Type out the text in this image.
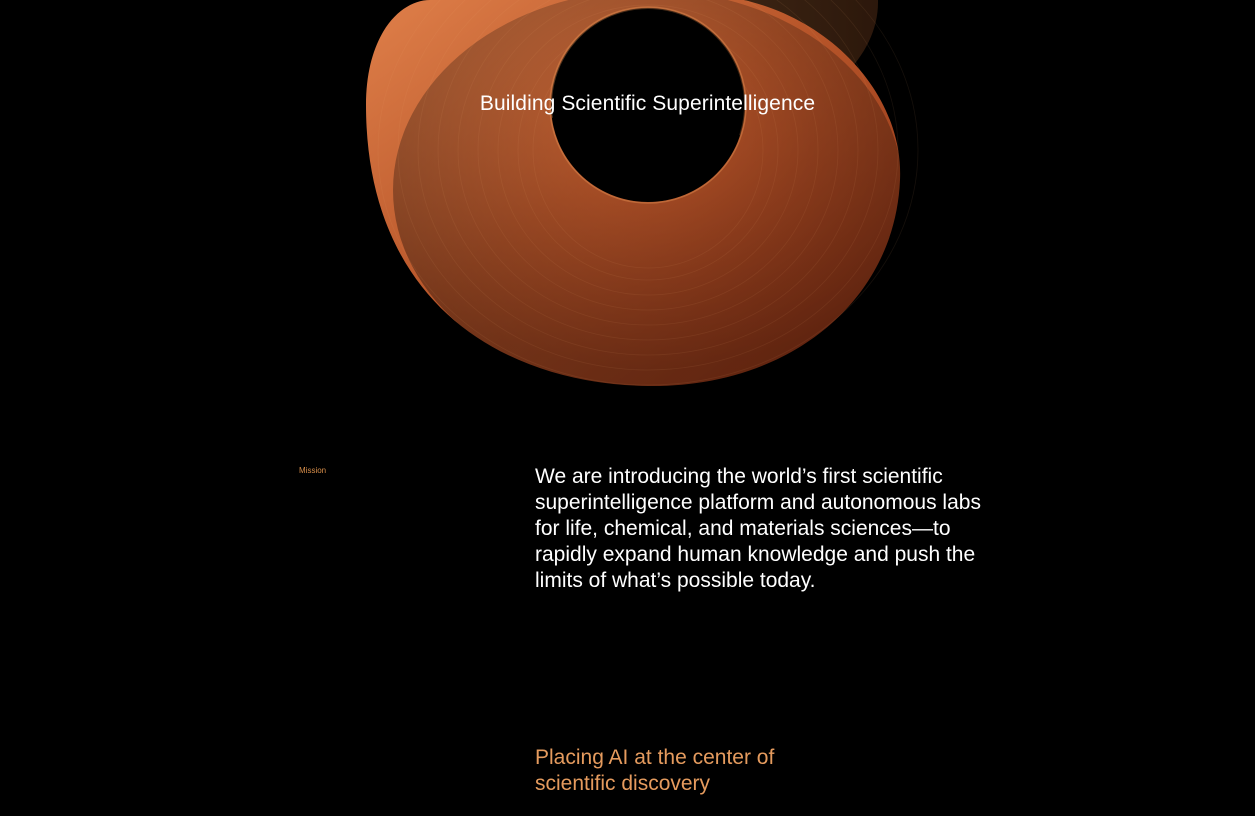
Building Scientific Superintelligence

Mission	We are introducing the world’s first scientific superintelligence platform and autonomous labs for life, chemical, and materials sciences—to rapidly expand human knowledge and push the limits of what’s possible today.

Placing AI at the center of scientific discovery
